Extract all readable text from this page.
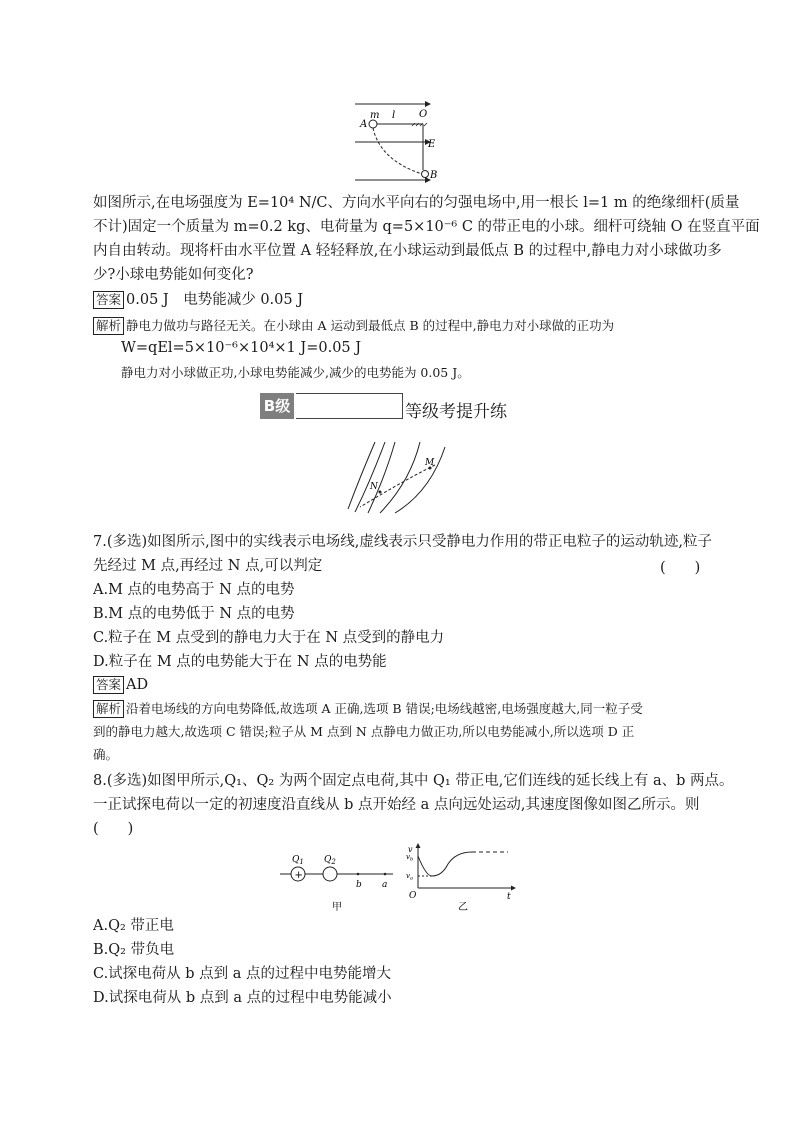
m l O
A
E
B
如图所示,在电场强度为 E=10⁴ N/C、方向水平向右的匀强电场中,用一根长 l=1 m 的绝缘细杆(质量
不计)固定一个质量为 m=0.2 kg、电荷量为 q=5×10⁻⁶ C 的带正电的小球。细杆可绕轴 O 在竖直平面
内自由转动。现将杆由水平位置 A 轻轻释放,在小球运动到最低点 B 的过程中,静电力对小球做功多
少?小球电势能如何变化?
答案 0.05 J　电势能减少 0.05 J
解析 静电力做功与路径无关。在小球由 A 运动到最低点 B 的过程中,静电力对小球做的正功为
W=qEl=5×10⁻⁶×10⁴×1 J=0.05 J
静电力对小球做正功,小球电势能减少,减少的电势能为 0.05 J。
B级	等级考提升练
M
N
7.(多选)如图所示,图中的实线表示电场线,虚线表示只受静电力作用的带正电粒子的运动轨迹,粒子
先经过 M 点,再经过 N 点,可以判定	(　　)
A.M 点的电势高于 N 点的电势
B.M 点的电势低于 N 点的电势
C.粒子在 M 点受到的静电力大于在 N 点受到的静电力
D.粒子在 M 点的电势能大于在 N 点的电势能
答案 AD
解析 沿着电场线的方向电势降低,故选项 A 正确,选项 B 错误;电场线越密,电场强度越大,同一粒子受
到的静电力越大,故选项 C 错误;粒子从 M 点到 N 点静电力做正功,所以电势能减小,所以选项 D 正
确。
8.(多选)如图甲所示,Q₁、Q₂ 为两个固定点电荷,其中 Q₁ 带正电,它们连线的延长线上有 a、b 两点。
一正试探电荷以一定的初速度沿直线从 b 点开始经 a 点向远处运动,其速度图像如图乙所示。则
(　　)
+
$Q_1$ $Q_2$
b a
甲
v
$v_b$
$v_a$
O	t
乙
A.Q₂ 带正电
B.Q₂ 带负电
C.试探电荷从 b 点到 a 点的过程中电势能增大
D.试探电荷从 b 点到 a 点的过程中电势能减小
